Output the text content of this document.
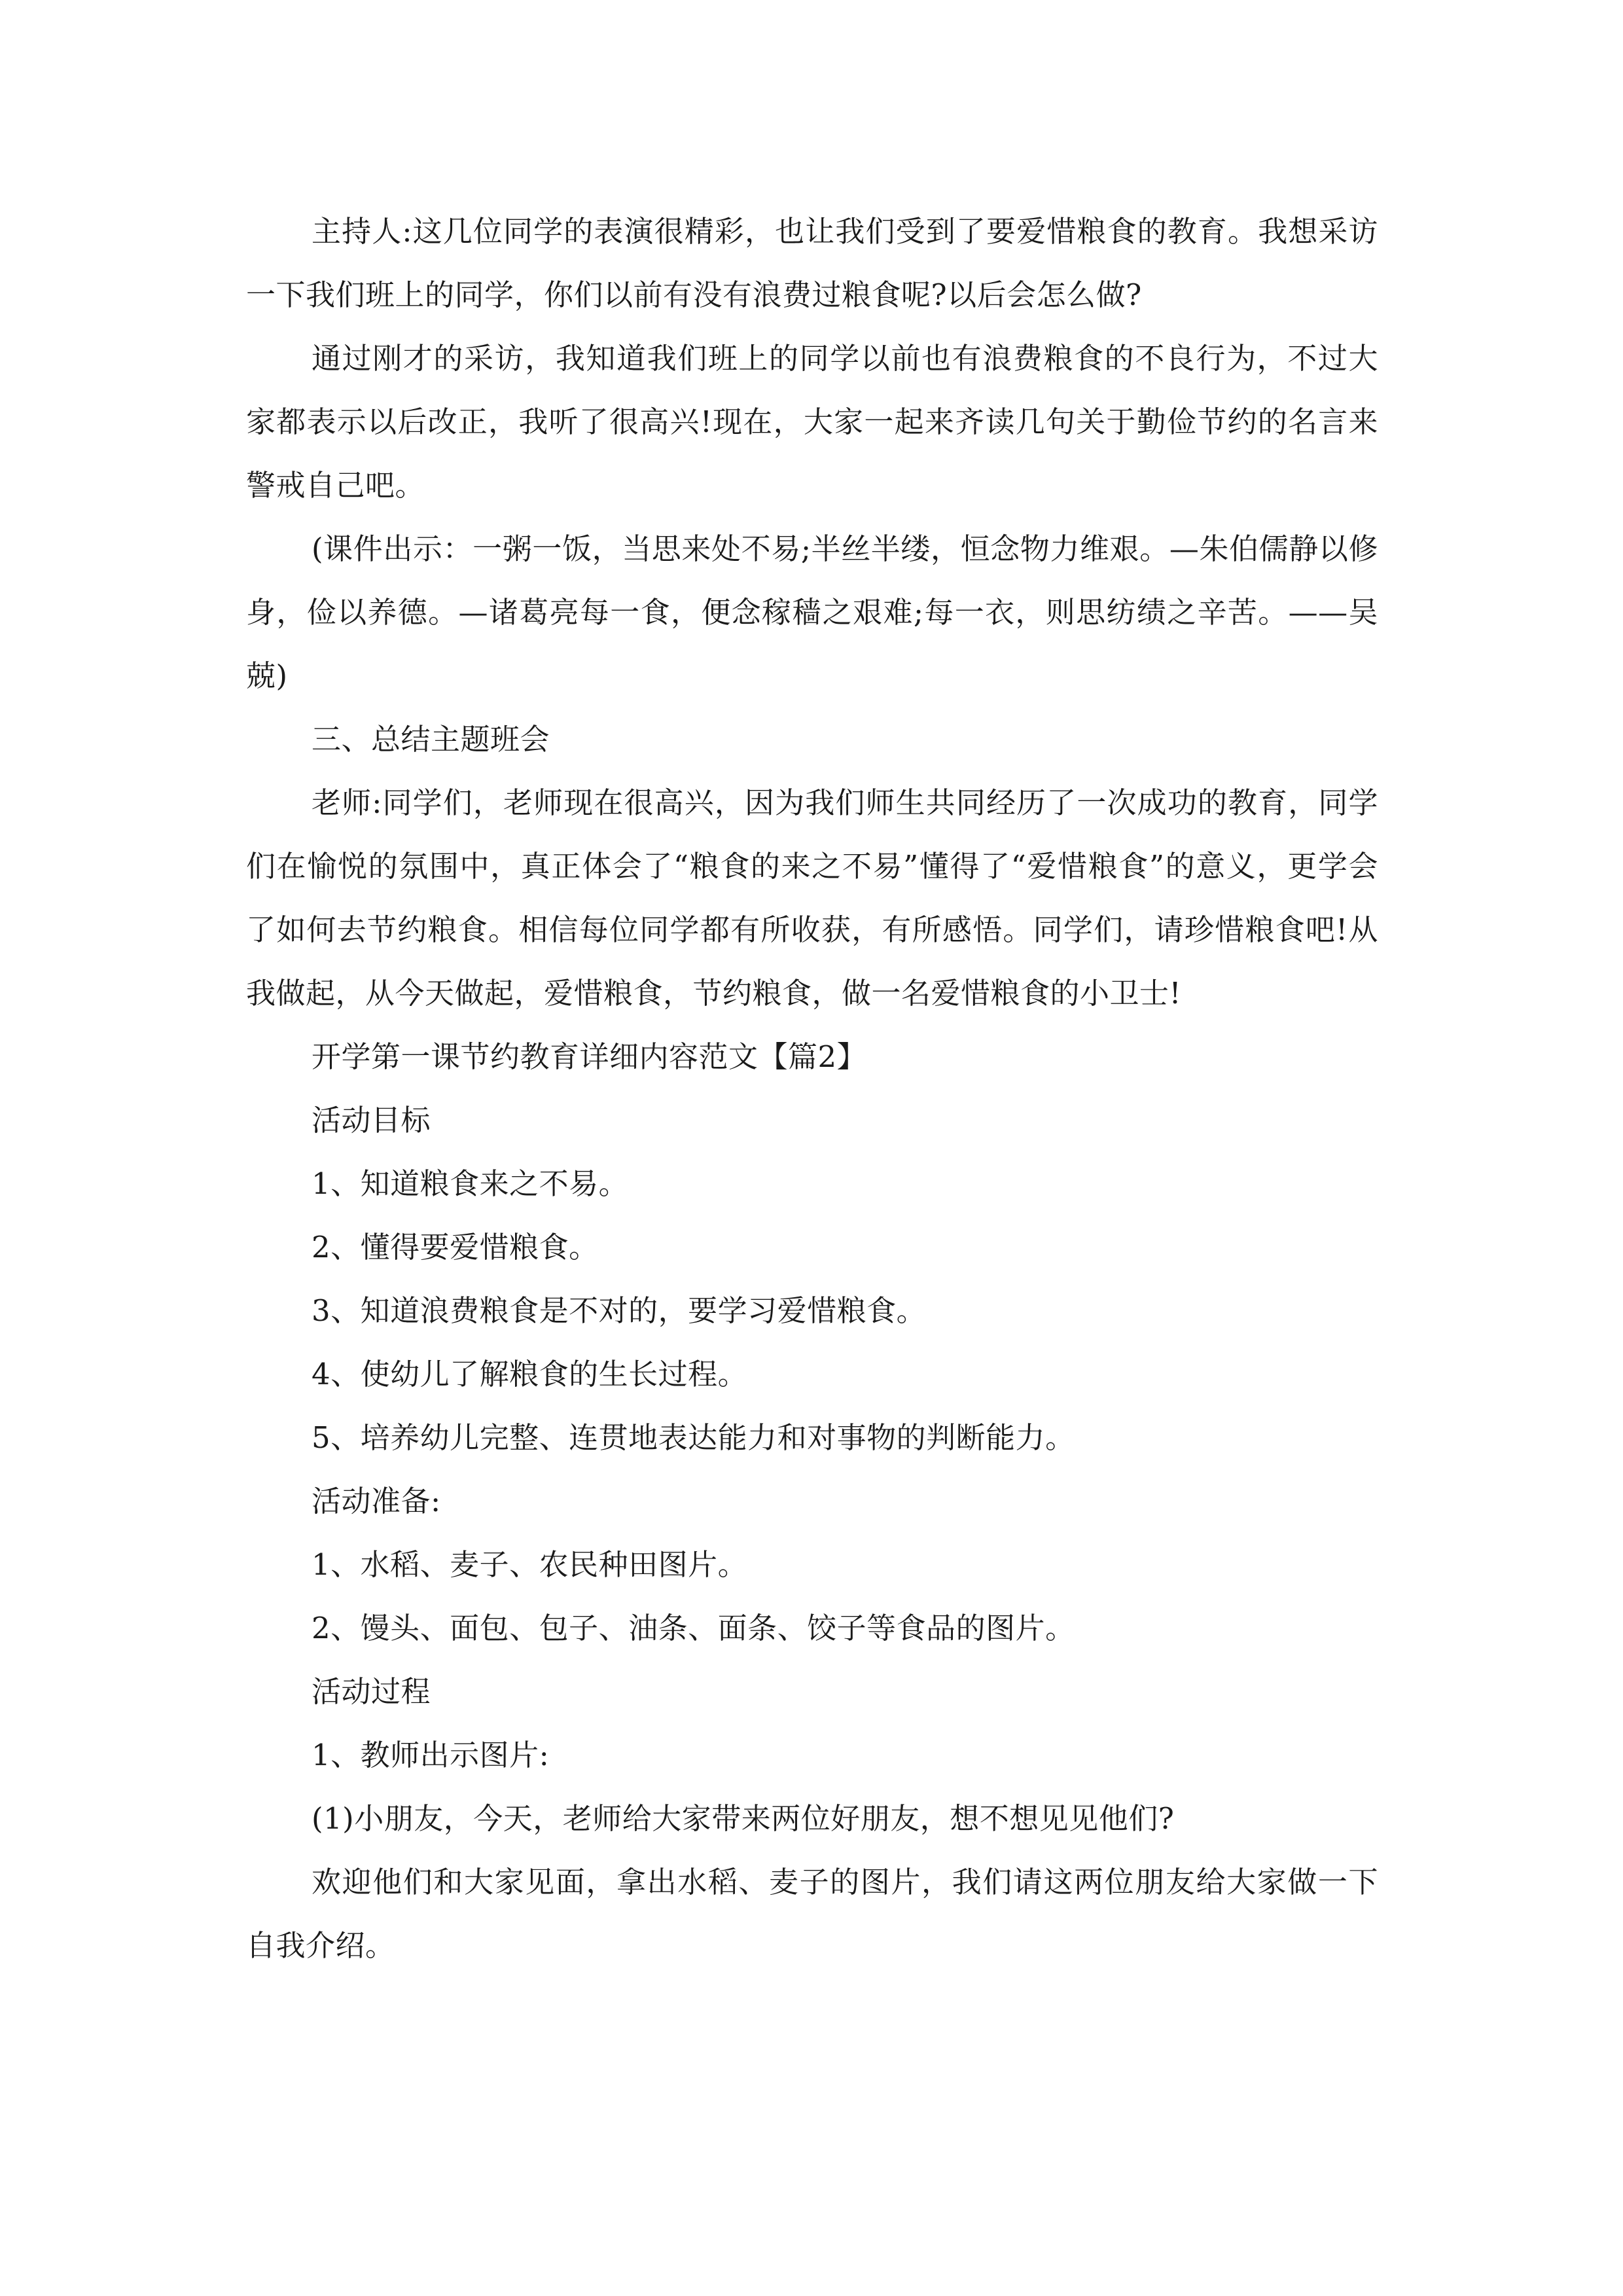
主持人:这几位同学的表演很精彩，也让我们受到了要爱惜粮食的教育。我想采访一下我们班上的同学，你们以前有没有浪费过粮食呢?以后会怎么做?

通过刚才的采访，我知道我们班上的同学以前也有浪费粮食的不良行为，不过大家都表示以后改正，我听了很高兴!现在，大家一起来齐读几句关于勤俭节约的名言来警戒自己吧。

(课件出示：一粥一饭，当思来处不易;半丝半缕，恒念物力维艰。—朱伯儒静以修身，俭以养德。—诸葛亮每一食，便念稼穑之艰难;每一衣，则思纺绩之辛苦。——吴兢)

三、总结主题班会

老师:同学们，老师现在很高兴，因为我们师生共同经历了一次成功的教育，同学们在愉悦的氛围中，真正体会了“粮食的来之不易”懂得了“爱惜粮食”的意义，更学会了如何去节约粮食。相信每位同学都有所收获，有所感悟。同学们，请珍惜粮食吧!从我做起，从今天做起，爱惜粮食，节约粮食，做一名爱惜粮食的小卫士!

开学第一课节约教育详细内容范文【篇2】

活动目标

1、知道粮食来之不易。

2、懂得要爱惜粮食。

3、知道浪费粮食是不对的，要学习爱惜粮食。

4、使幼儿了解粮食的生长过程。

5、培养幼儿完整、连贯地表达能力和对事物的判断能力。

活动准备:

1、水稻、麦子、农民种田图片。

2、馒头、面包、包子、油条、面条、饺子等食品的图片。

活动过程

1、教师出示图片:

(1)小朋友，今天，老师给大家带来两位好朋友，想不想见见他们?

欢迎他们和大家见面，拿出水稻、麦子的图片，我们请这两位朋友给大家做一下自我介绍。
